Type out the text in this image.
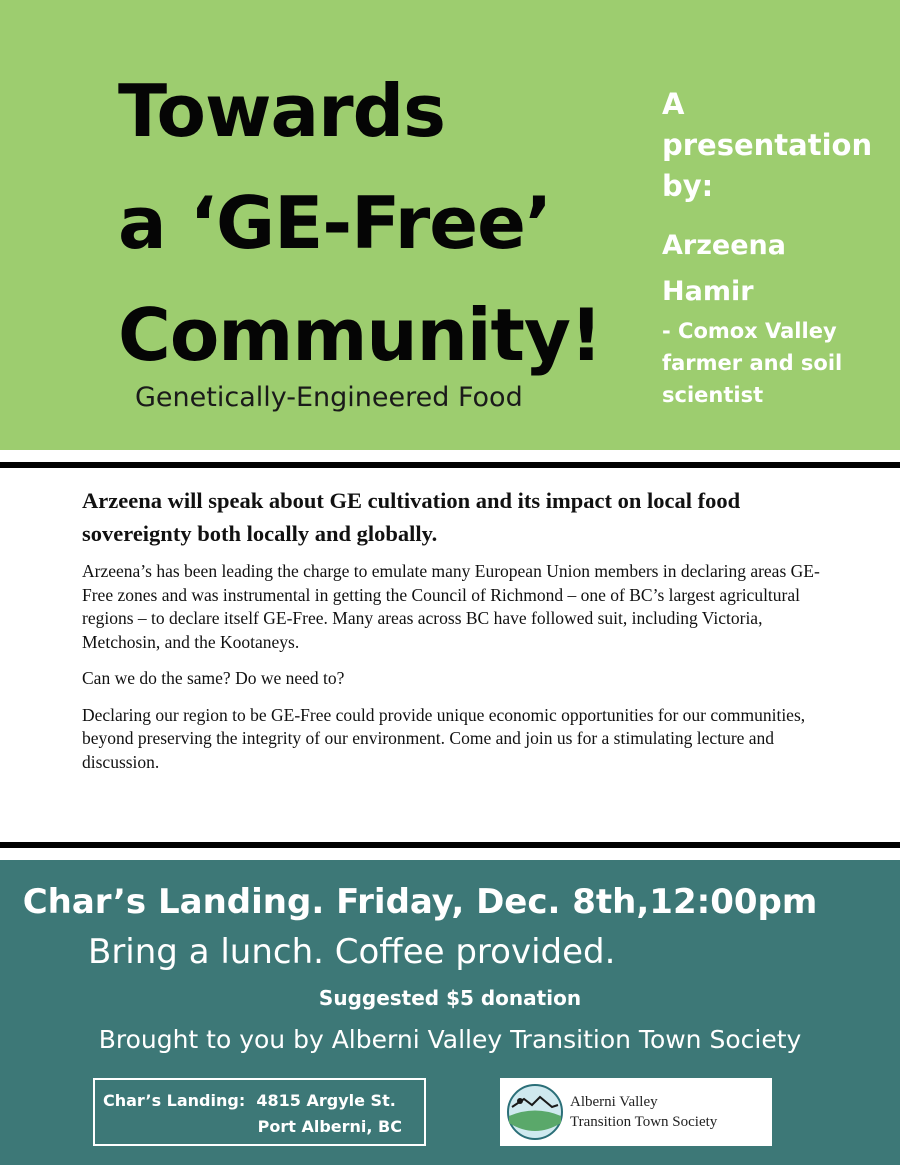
Towards
a ‘GE-Free’
Community!
Genetically-Engineered Food
A
presentation
by:
Arzeena
Hamir
- Comox Valley
farmer and soil
scientist

Arzeena will speak about GE cultivation and its impact on local food sovereignty both locally and globally.

Arzeena’s has been leading the charge to emulate many European Union members in declaring areas GE-Free zones and was instrumental in getting the Council of Richmond – one of BC’s largest agricultural regions – to declare itself GE-Free. Many areas across BC have followed suit, including Victoria, Metchosin, and the Kootaneys.

Can we do the same? Do we need to?

Declaring our region to be GE-Free could provide unique economic opportunities for our communities, beyond preserving the integrity of our environment. Come and join us for a stimulating lecture and discussion.

Char’s Landing. Friday, Dec. 8th,12:00pm
Bring a lunch. Coffee provided.
Suggested $5 donation
Brought to you by Alberni Valley Transition Town Society
Char’s Landing: 4815 Argyle St.
Port Alberni, BC
Alberni Valley
Transition Town Society
